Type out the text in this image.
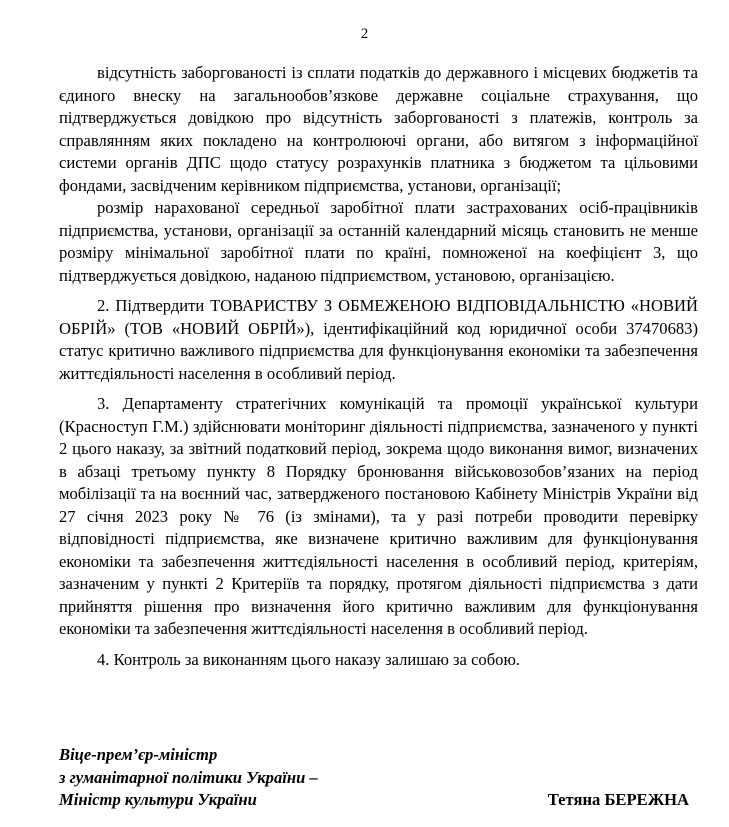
2

відсутність заборгованості із сплати податків до державного і місцевих бюджетів та єдиного внеску на загальнообов’язкове державне соціальне страхування, що підтверджується довідкою про відсутність заборгованості з платежів, контроль за справлянням яких покладено на контролюючі органи, або витягом з інформаційної системи органів ДПС щодо статусу розрахунків платника з бюджетом та цільовими фондами, засвідченим керівником підприємства, установи, організації;

розмір нарахованої середньої заробітної плати застрахованих осіб-працівників підприємства, установи, організації за останній календарний місяць становить не менше розміру мінімальної заробітної плати по країні, помноженої на коефіцієнт 3, що підтверджується довідкою, наданою підприємством, установою, організацією.

2. Підтвердити ТОВАРИСТВУ З ОБМЕЖЕНОЮ ВІДПОВІДАЛЬНІСТЮ «НОВИЙ ОБРІЙ» (ТОВ «НОВИЙ ОБРІЙ»), ідентифікаційний код юридичної особи 37470683) статус критично важливого підприємства для функціонування економіки та забезпечення життєдіяльності населення в особливий період.

3. Департаменту стратегічних комунікацій та промоції української культури (Красноступ Г.М.) здійснювати моніторинг діяльності підприємства, зазначеного у пункті 2 цього наказу, за звітний податковий період, зокрема щодо виконання вимог, визначених в абзаці третьому пункту 8 Порядку бронювання військовозобов’язаних на період мобілізації та на воєнний час, затвердженого постановою Кабінету Міністрів України від 27 січня 2023 року № 76 (із змінами), та у разі потреби проводити перевірку відповідності підприємства, яке визначене критично важливим для функціонування економіки та забезпечення життєдіяльності населення в особливий період, критеріям, зазначеним у пункті 2 Критеріїв та порядку, протягом діяльності підприємства з дати прийняття рішення про визначення його критично важливим для функціонування економіки та забезпечення життєдіяльності населення в особливий період.

4. Контроль за виконанням цього наказу залишаю за собою.

Віце-прем’єр-міністр
з гуманітарної політики України –
Міністр культури України	Тетяна БЕРЕЖНА
